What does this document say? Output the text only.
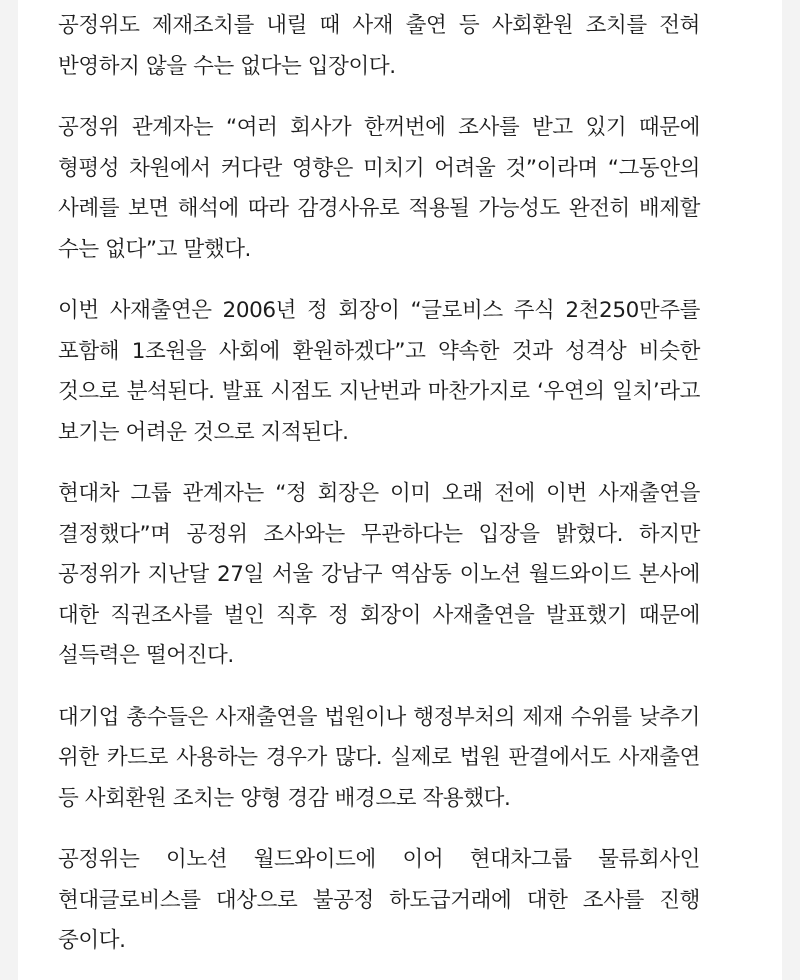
공정위도 제재조치를 내릴 때 사재 출연 등 사회환원 조치를 전혀 반영하지 않을 수는 없다는 입장이다.

공정위 관계자는 “여러 회사가 한꺼번에 조사를 받고 있기 때문에 형평성 차원에서 커다란 영향은 미치기 어려울 것”이라며 “그동안의 사례를 보면 해석에 따라 감경사유로 적용될 가능성도 완전히 배제할 수는 없다”고 말했다.

이번 사재출연은 2006년 정 회장이 “글로비스 주식 2천250만주를 포함해 1조원을 사회에 환원하겠다”고 약속한 것과 성격상 비슷한 것으로 분석된다. 발표 시점도 지난번과 마찬가지로 ‘우연의 일치’라고 보기는 어려운 것으로 지적된다.

현대차 그룹 관계자는 “정 회장은 이미 오래 전에 이번 사재출연을 결정했다”며 공정위 조사와는 무관하다는 입장을 밝혔다. 하지만 공정위가 지난달 27일 서울 강남구 역삼동 이노션 월드와이드 본사에 대한 직권조사를 벌인 직후 정 회장이 사재출연을 발표했기 때문에 설득력은 떨어진다.

대기업 총수들은 사재출연을 법원이나 행정부처의 제재 수위를 낮추기 위한 카드로 사용하는 경우가 많다. 실제로 법원 판결에서도 사재출연 등 사회환원 조치는 양형 경감 배경으로 작용했다.

공정위는 이노션 월드와이드에 이어 현대차그룹 물류회사인 현대글로비스를 대상으로 불공정 하도급거래에 대한 조사를 진행 중이다.
